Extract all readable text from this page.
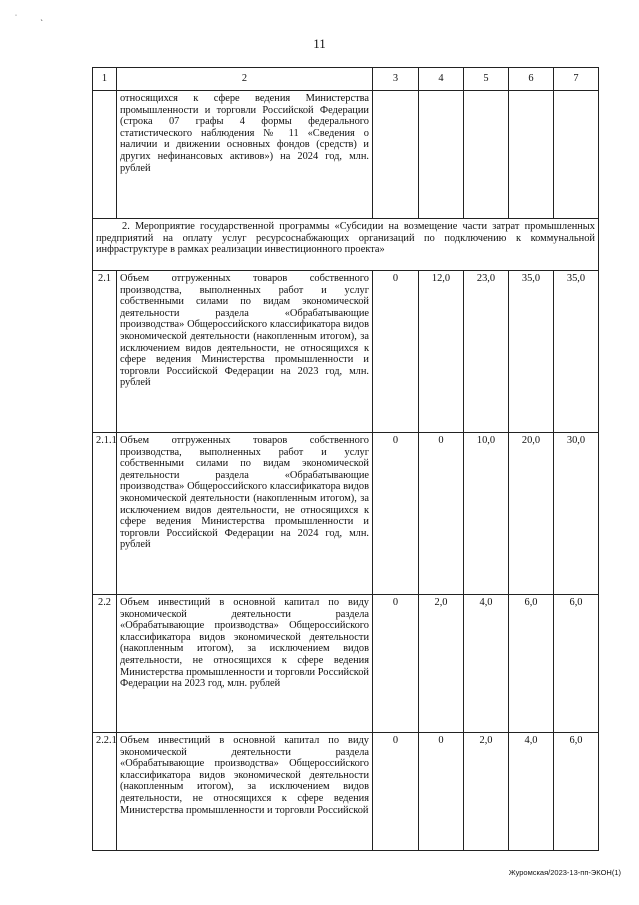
˙	ˎ
11
1	2	3	4	5	6	7
	относящихся к сфере ведения Министерства промышленности и торговли Российской Федерации (строка 07 графы 4 формы федерального статистического наблюдения № 11 «Сведения о наличии и движении основных фондов (средств) и других нефинансовых активов») на 2024 год, млн. рублей					
2. Мероприятие государственной программы «Субсидии на возмещение части затрат промышленных предприятий на оплату услуг ресурсоснабжающих организаций по подключению к коммунальной инфраструктуре в рамках реализации инвестиционного проекта»						
2.1	Объем отгруженных товаров собственного производства, выполненных работ и услуг собственными силами по видам экономической деятельности раздела «Обрабатывающие производства» Общероссийского классификатора видов экономической деятельности (накопленным итогом), за исключением видов деятельности, не относящихся к сфере ведения Министерства промышленности и торговли Российской Федерации на 2023 год, млн. рублей	0	12,0	23,0	35,0	35,0
2.1.1	Объем отгруженных товаров собственного производства, выполненных работ и услуг собственными силами по видам экономической деятельности раздела «Обрабатывающие производства» Общероссийского классификатора видов экономической деятельности (накопленным итогом), за исключением видов деятельности, не относящихся к сфере ведения Министерства промышленности и торговли Российской Федерации на 2024 год, млн. рублей	0	0	10,0	20,0	30,0
2.2	Объем инвестиций в основной капитал по виду экономической деятельности раздела «Обрабатывающие производства» Общероссийского классификатора видов экономической деятельности (накопленным итогом), за исключением видов деятельности, не относящихся к сфере ведения Министерства промышленности и торговли Российской Федерации на 2023 год, млн. рублей	0	2,0	4,0	6,0	6,0
2.2.1	Объем инвестиций в основной капитал по виду экономической деятельности раздела «Обрабатывающие производства» Общероссийского классификатора видов экономической деятельности (накопленным итогом), за исключением видов деятельности, не относящихся к сфере ведения Министерства промышленности и торговли Российской	0	0	2,0	4,0	6,0
Журомская/2023-13-пп-ЭКОН(1)
